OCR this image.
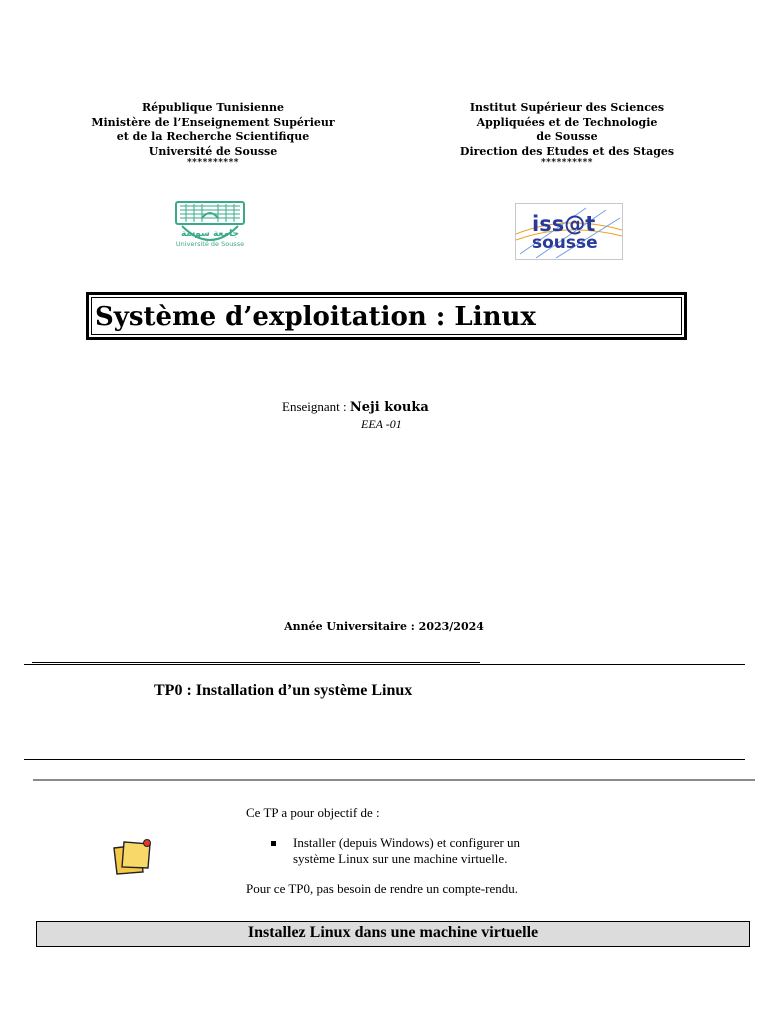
République Tunisienne
Ministère de l’Enseignement Supérieur
et de la Recherche Scientifique
Université de Sousse
**********
Institut Supérieur des Sciences
Appliquées et de Technologie
de Sousse
Direction des Etudes et des Stages
**********
جامعة سوسة
Université de Sousse
iss@t
sousse
Système d’exploitation : Linux
Enseignant : Neji kouka
EEA -01
Année Universitaire : 2023/2024
TP0 : Installation d’un système Linux
Ce TP a pour objectif de :
Installer (depuis Windows) et configurer un
système Linux sur une machine virtuelle.
Pour ce TP0, pas besoin de rendre un compte-rendu.
Installez Linux dans une machine virtuelle
